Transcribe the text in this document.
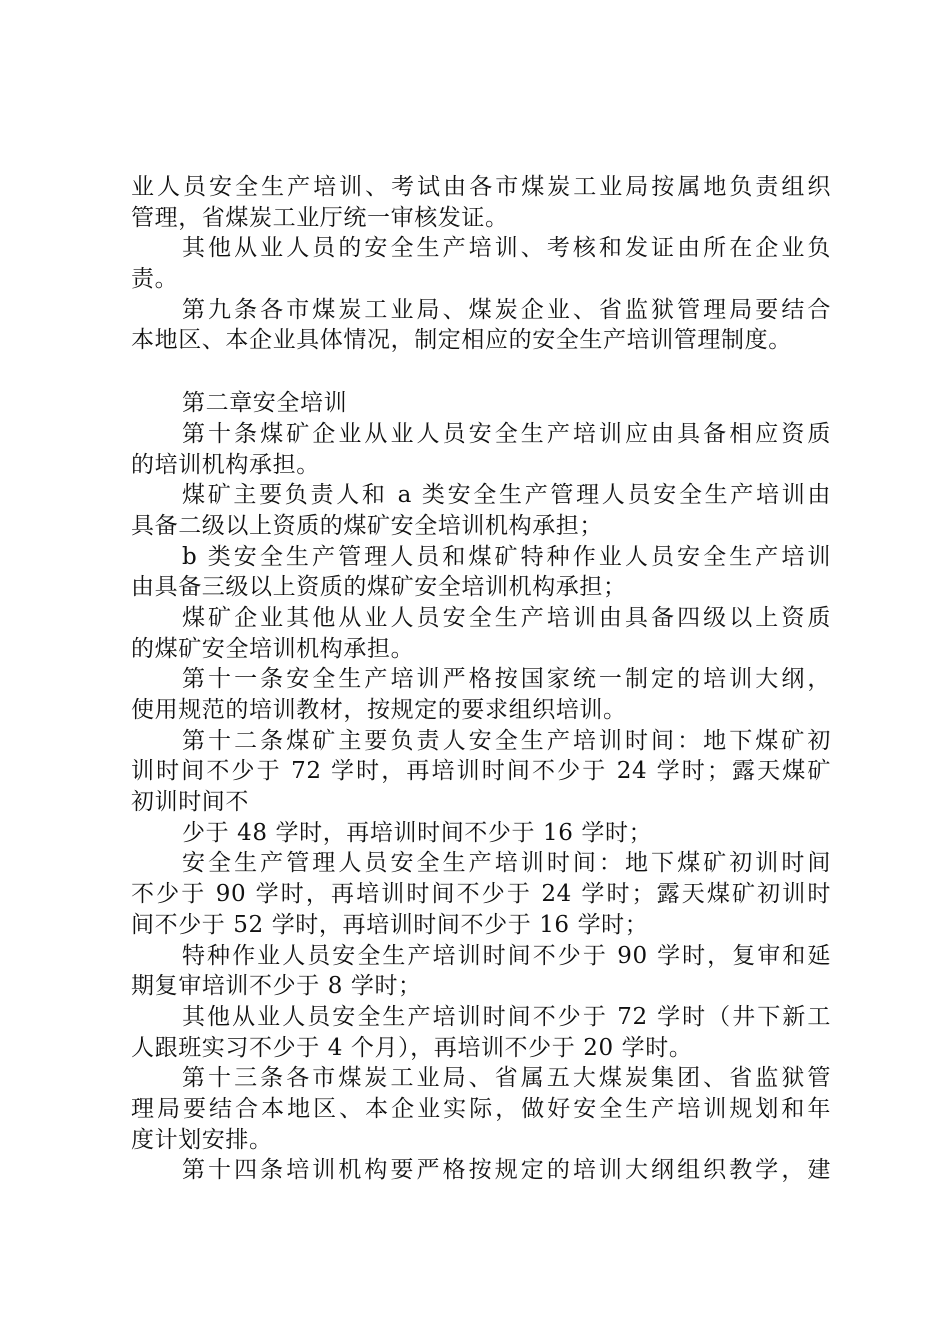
业人员安全生产培训、考试由各市煤炭工业局按属地负责组织
管理，省煤炭工业厅统一审核发证。
其他从业人员的安全生产培训、考核和发证由所在企业负
责。
第九条各市煤炭工业局、煤炭企业、省监狱管理局要结合
本地区、本企业具体情况，制定相应的安全生产培训管理制度。
第二章安全培训
第十条煤矿企业从业人员安全生产培训应由具备相应资质
的培训机构承担。
煤矿主要负责人和 a 类安全生产管理人员安全生产培训由
具备二级以上资质的煤矿安全培训机构承担；
b 类安全生产管理人员和煤矿特种作业人员安全生产培训
由具备三级以上资质的煤矿安全培训机构承担；
煤矿企业其他从业人员安全生产培训由具备四级以上资质
的煤矿安全培训机构承担。
第十一条安全生产培训严格按国家统一制定的培训大纲，
使用规范的培训教材，按规定的要求组织培训。
第十二条煤矿主要负责人安全生产培训时间：地下煤矿初
训时间不少于 72 学时，再培训时间不少于 24 学时；露天煤矿
初训时间不
少于 48 学时，再培训时间不少于 16 学时；
安全生产管理人员安全生产培训时间：地下煤矿初训时间
不少于 90 学时，再培训时间不少于 24 学时；露天煤矿初训时
间不少于 52 学时，再培训时间不少于 16 学时；
特种作业人员安全生产培训时间不少于 90 学时，复审和延
期复审培训不少于 8 学时；
其他从业人员安全生产培训时间不少于 72 学时（井下新工
人跟班实习不少于 4 个月），再培训不少于 20 学时。
第十三条各市煤炭工业局、省属五大煤炭集团、省监狱管
理局要结合本地区、本企业实际，做好安全生产培训规划和年
度计划安排。
第十四条培训机构要严格按规定的培训大纲组织教学，建
